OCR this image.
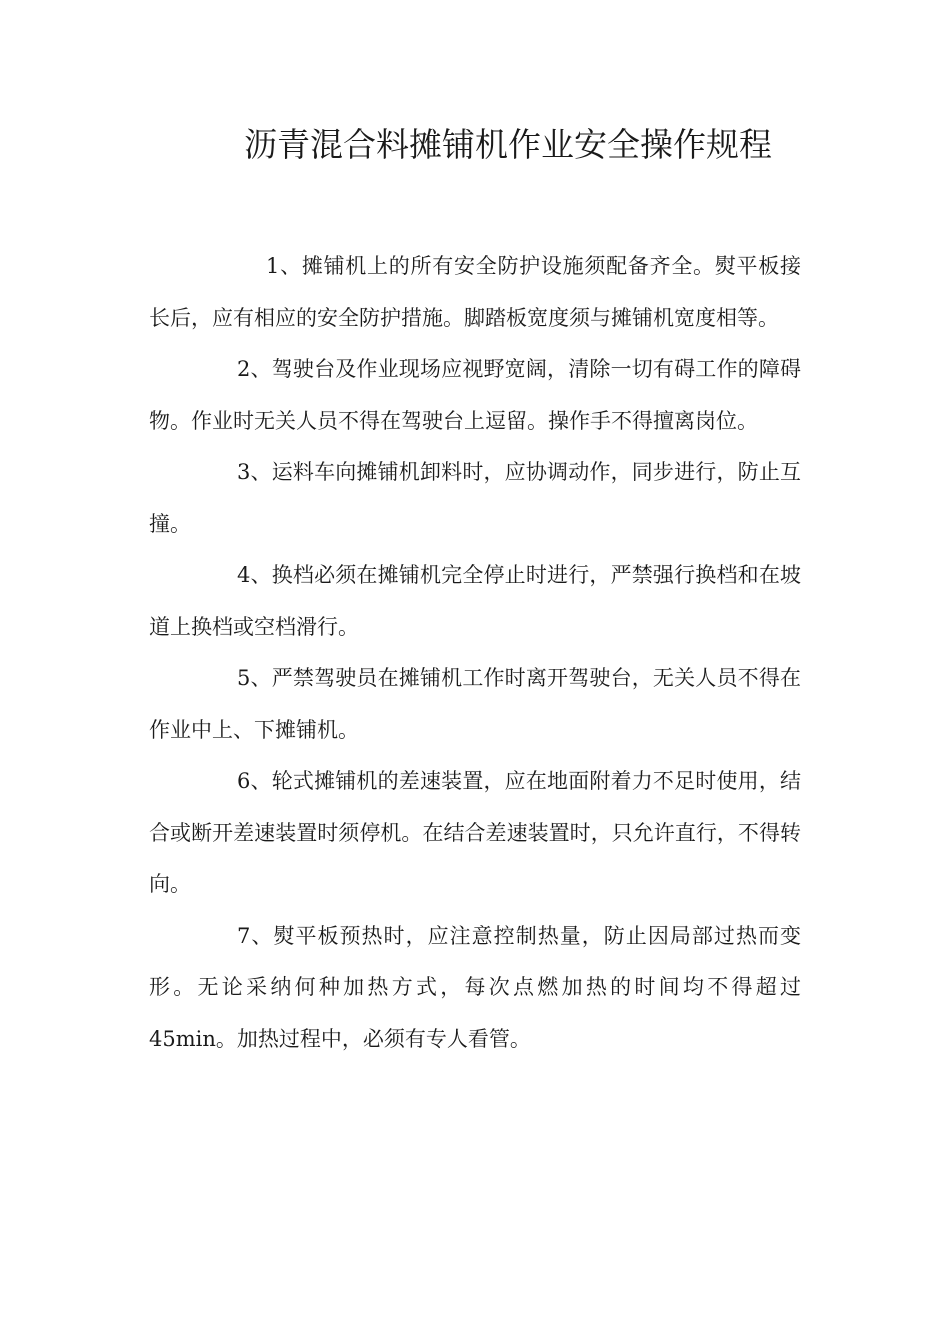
沥青混合料摊铺机作业安全操作规程

1、摊铺机上的所有安全防护设施须配备齐全。熨平板接长后，应有相应的安全防护措施。脚踏板宽度须与摊铺机宽度相等。

2、驾驶台及作业现场应视野宽阔，清除一切有碍工作的障碍物。作业时无关人员不得在驾驶台上逗留。操作手不得擅离岗位。

3、运料车向摊铺机卸料时，应协调动作，同步进行，防止互撞。

4、换档必须在摊铺机完全停止时进行，严禁强行换档和在坡道上换档或空档滑行。

5、严禁驾驶员在摊铺机工作时离开驾驶台，无关人员不得在作业中上、下摊铺机。

6、轮式摊铺机的差速装置，应在地面附着力不足时使用，结合或断开差速装置时须停机。在结合差速装置时，只允许直行，不得转向。

7、熨平板预热时，应注意控制热量，防止因局部过热而变形。无论采纳何种加热方式，每次点燃加热的时间均不得超过45min。加热过程中，必须有专人看管。
